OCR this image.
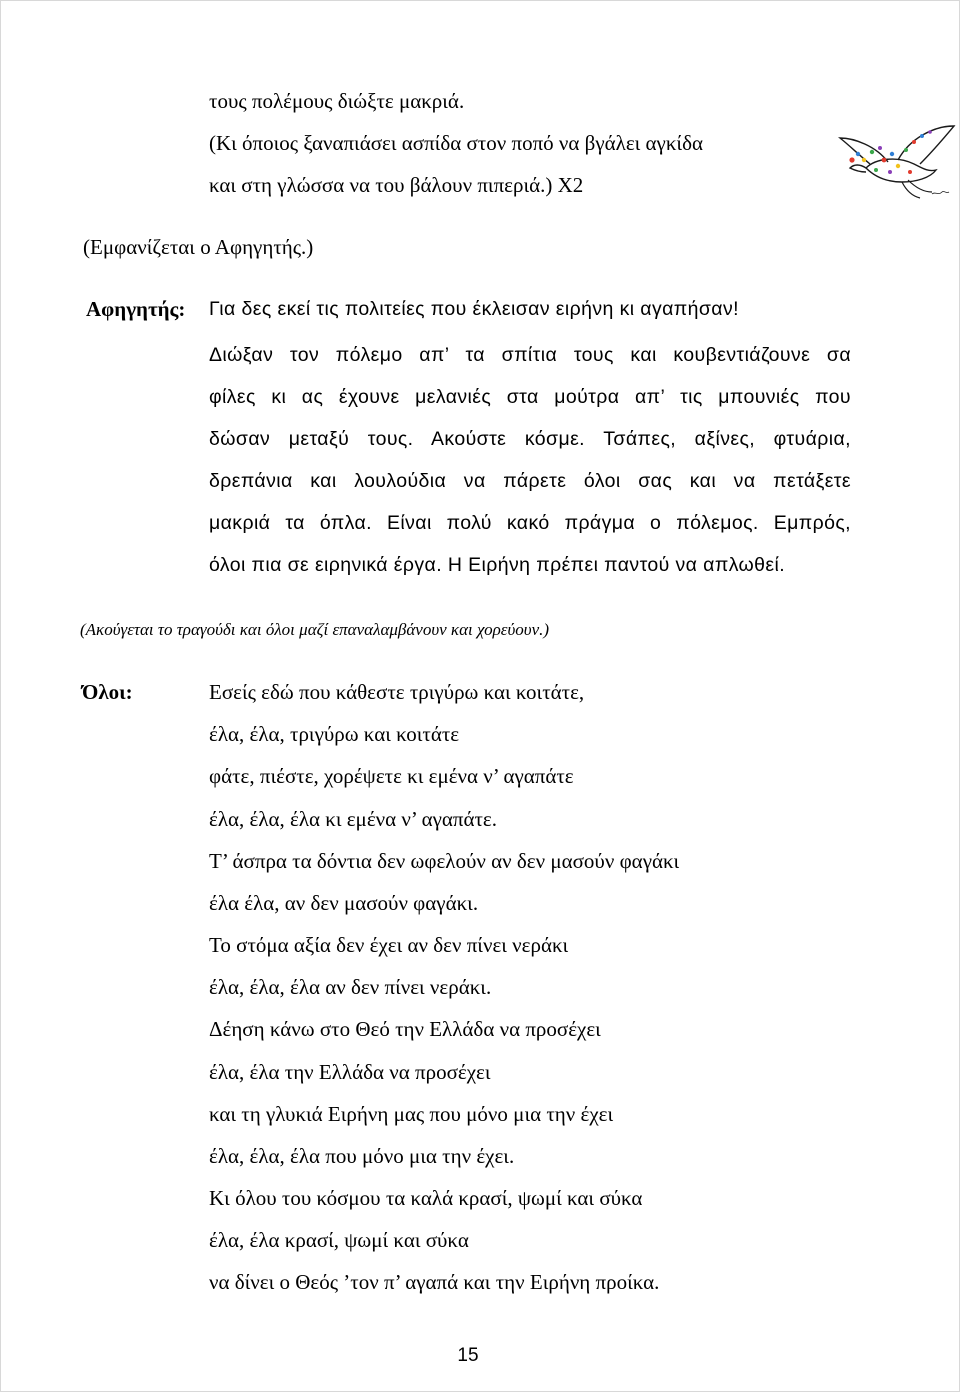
τους πολέμους διώξτε μακριά.
(Κι όποιος ξαναπιάσει ασπίδα στον ποπό να βγάλει αγκίδα
και στη γλώσσα να του βάλουν πιπεριά.) Χ2
(Εμφανίζεται ο Αφηγητής.)
Αφηγητής: Για δες εκεί τις πολιτείες που έκλεισαν ειρήνη κι αγαπήσαν!
Διώξαν τον πόλεμο απ’ τα σπίτια τους και κουβεντιάζουνε σα
φίλες κι ας έχουνε μελανιές στα μούτρα απ’ τις μπουνιές που
δώσαν μεταξύ τους. Ακούστε κόσμε. Τσάπες, αξίνες, φτυάρια,
δρεπάνια και λουλούδια να πάρετε όλοι σας και να πετάξετε
μακριά τα όπλα. Είναι πολύ κακό πράγμα ο πόλεμος. Εμπρός,
όλοι πια σε ειρηνικά έργα. Η Ειρήνη πρέπει παντού να απλωθεί.
(Ακούγεται το τραγούδι και όλοι μαζί επαναλαμβάνουν και χορεύουν.)
Όλοι:	Εσείς εδώ που κάθεστε τριγύρω και κοιτάτε,
έλα, έλα, τριγύρω και κοιτάτε
φάτε, πιέστε, χορέψετε κι εμένα ν’ αγαπάτε
έλα, έλα, έλα κι εμένα ν’ αγαπάτε.
Τ’ άσπρα τα δόντια δεν ωφελούν αν δεν μασούν φαγάκι
έλα έλα, αν δεν μασούν φαγάκι.
Το στόμα αξία δεν έχει αν δεν πίνει νεράκι
έλα, έλα, έλα αν δεν πίνει νεράκι.
Δέηση κάνω στο Θεό την Ελλάδα να προσέχει
έλα, έλα την Ελλάδα να προσέχει
και τη γλυκιά Ειρήνη μας που μόνο μια την έχει
έλα, έλα, έλα που μόνο μια την έχει.
Κι όλου του κόσμου τα καλά κρασί, ψωμί και σύκα
έλα, έλα κρασί, ψωμί και σύκα
να δίνει ο Θεός ’τον π’ αγαπά και την Ειρήνη προίκα.
15
